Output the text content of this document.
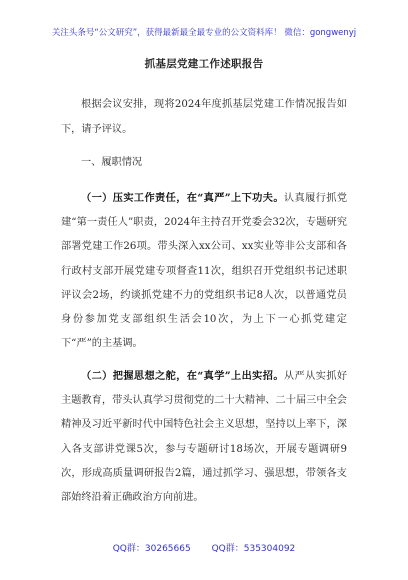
关注头条号“公文研究”，获得最新最全最专业的公文资料库！ 微信：gongwenyj
抓基层党建工作述职报告
根据会议安排，现将2024年度抓基层党建工作情况报告如下，请予评议。
一、履职情况
（一）压实工作责任，在“真严”上下功夫。认真履行抓党建“第一责任人”职责，2024年主持召开党委会32次，专题研究部署党建工作26项。带头深入xx公司、xx实业等非公支部和各行政村支部开展党建专项督查11次，组织召开党组织书记述职评议会2场，约谈抓党建不力的党组织书记8人次，以普通党员身份参加党支部组织生活会10次，为上下一心抓党建定下“严”的主基调。
（二）把握思想之舵，在“真学”上出实招。从严从实抓好主题教育，带头认真学习贯彻党的二十大精神、二十届三中全会精神及习近平新时代中国特色社会主义思想，坚持以上率下，深入各支部讲党课5次，参与专题研讨18场次，开展专题调研9次，形成高质量调研报告2篇，通过抓学习、强思想，带领各支部始终沿着正确政治方向前进。
QQ群：30265665 QQ群：535304092
